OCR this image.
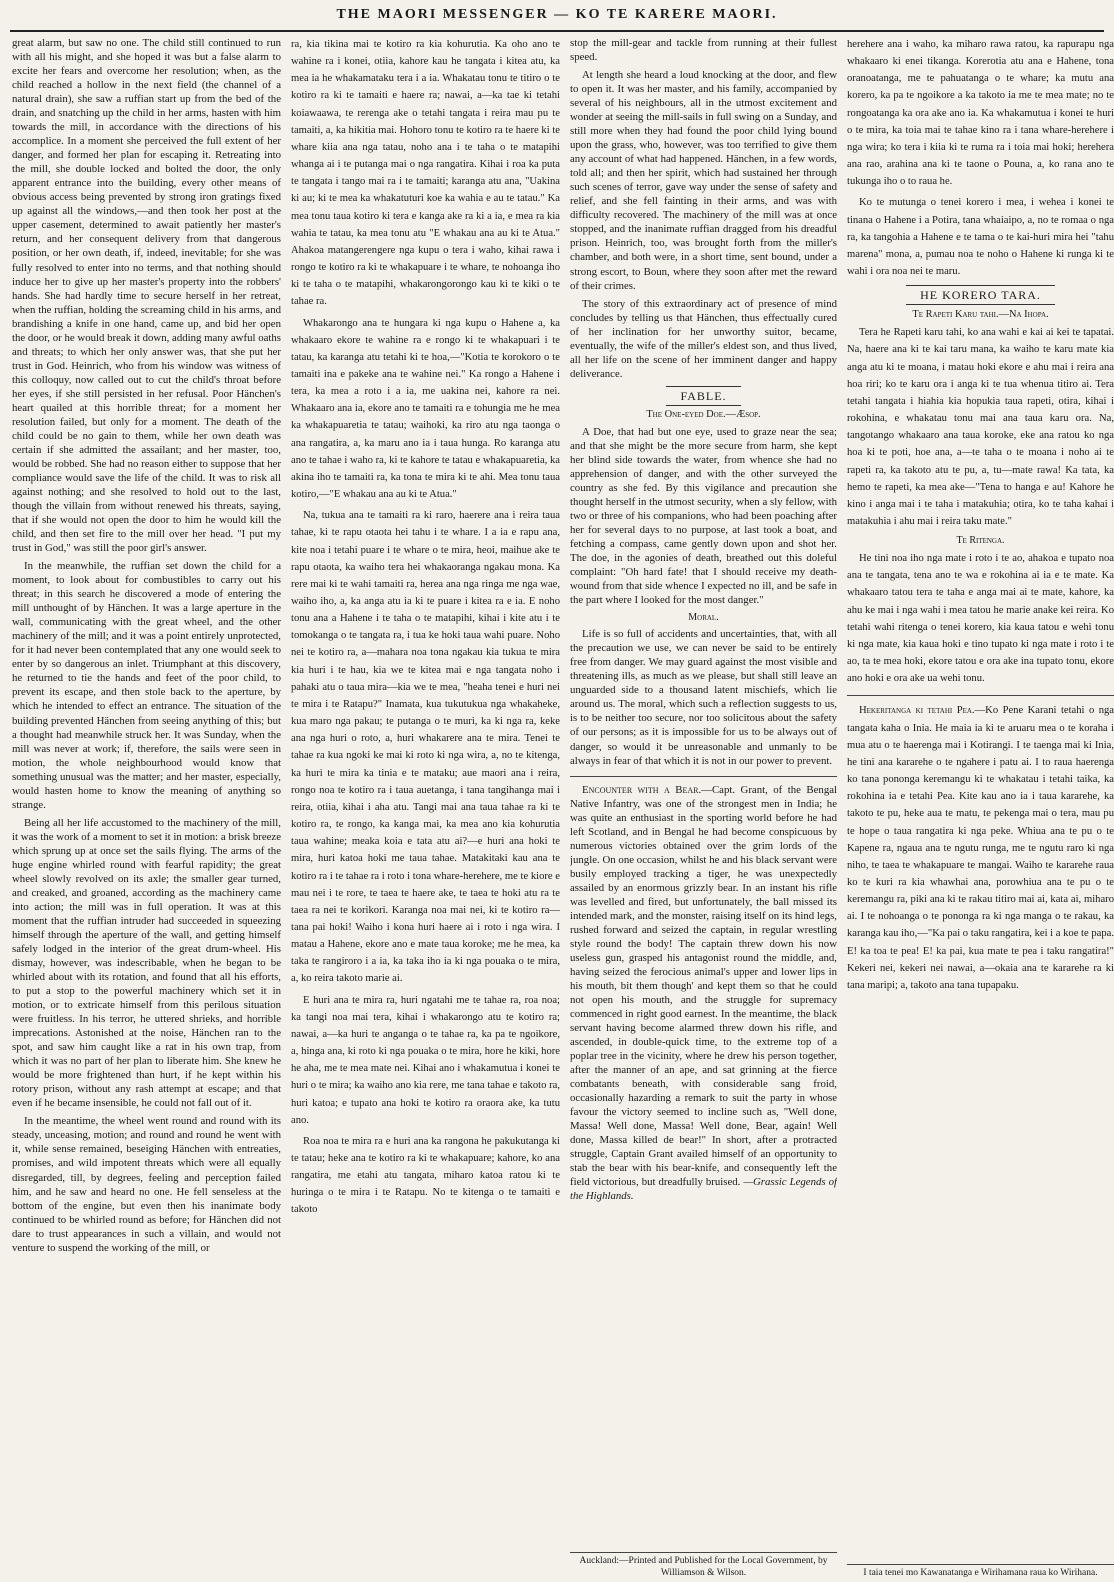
THE MAORI MESSENGER — KO TE KARERE MAORI.

great alarm, but saw no one. The child still continued to run with all his might, and she hoped it was but a false alarm to excite her fears and overcome her resolution; when, as the child reached a hollow in the next field (the channel of a natural drain), she saw a ruffian start up from the bed of the drain, and snatching up the child in her arms, hasten with him towards the mill, in accordance with the directions of his accomplice. In a moment she perceived the full extent of her danger, and formed her plan for escaping it. Retreating into the mill, she double locked and bolted the door, the only apparent entrance into the building, every other means of obvious access being prevented by strong iron gratings fixed up against all the windows,—and then took her post at the upper casement, determined to await patiently her master's return, and her consequent delivery from that dangerous position, or her own death, if, indeed, inevitable; for she was fully resolved to enter into no terms, and that nothing should induce her to give up her master's property into the robbers' hands. She had hardly time to secure herself in her retreat, when the ruffian, holding the screaming child in his arms, and brandishing a knife in one hand, came up, and bid her open the door, or he would break it down, adding many awful oaths and threats; to which her only answer was, that she put her trust in God. Heinrich, who from his window was witness of this colloquy, now called out to cut the child's throat before her eyes, if she still persisted in her refusal. Poor Hänchen's heart quailed at this horrible threat; for a moment her resolution failed, but only for a moment. The death of the child could be no gain to them, while her own death was certain if she admitted the assailant; and her master, too, would be robbed. She had no reason either to suppose that her compliance would save the life of the child. It was to risk all against nothing; and she resolved to hold out to the last, though the villain from without renewed his threats, saying, that if she would not open the door to him he would kill the child, and then set fire to the mill over her head. "I put my trust in God," was still the poor girl's answer.

In the meanwhile, the ruffian set down the child for a moment, to look about for combustibles to carry out his threat; in this search he discovered a mode of entering the mill unthought of by Hänchen. It was a large aperture in the wall, communicating with the great wheel, and the other machinery of the mill; and it was a point entirely unprotected, for it had never been contemplated that any one would seek to enter by so dangerous an inlet. Triumphant at this discovery, he returned to tie the hands and feet of the poor child, to prevent its escape, and then stole back to the aperture, by which he intended to effect an entrance. The situation of the building prevented Hänchen from seeing anything of this; but a thought had meanwhile struck her. It was Sunday, when the mill was never at work; if, therefore, the sails were seen in motion, the whole neighbourhood would know that something unusual was the matter; and her master, especially, would hasten home to know the meaning of anything so strange.

Being all her life accustomed to the machinery of the mill, it was the work of a moment to set it in motion: a brisk breeze which sprung up at once set the sails flying. The arms of the huge engine whirled round with fearful rapidity; the great wheel slowly revolved on its axle; the smaller gear turned, and creaked, and groaned, according as the machinery came into action; the mill was in full operation. It was at this moment that the ruffian intruder had succeeded in squeezing himself through the aperture of the wall, and getting himself safely lodged in the interior of the great drum-wheel. His dismay, however, was indescribable, when he began to be whirled about with its rotation, and found that all his efforts, to put a stop to the powerful machinery which set it in motion, or to extricate himself from this perilous situation were fruitless. In his terror, he uttered shrieks, and horrible imprecations. Astonished at the noise, Hänchen ran to the spot, and saw him caught like a rat in his own trap, from which it was no part of her plan to liberate him. She knew he would be more frightened than hurt, if he kept within his rotory prison, without any rash attempt at escape; and that even if he became insensible, he could not fall out of it.

In the meantime, the wheel went round and round with its steady, unceasing, motion; and round and round he went with it, while sense remained, beseiging Hänchen with entreaties, promises, and wild impotent threats which were all equally disregarded, till, by degrees, feeling and perception failed him, and he saw and heard no one. He fell senseless at the bottom of the engine, but even then his inanimate body continued to be whirled round as before; for Hänchen did not dare to trust appearances in such a villain, and would not venture to suspend the working of the mill, or

ra, kia tikina mai te kotiro ra kia kohurutia. Ka oho ano te wahine ra i konei, otiia, kahore kau he tangata i kitea atu, ka mea ia he whakamataku tera i a ia. Whakatau tonu te titiro o te kotiro ra ki te tamaiti e haere ra; nawai, a—ka tae ki tetahi koiawaawa, te rerenga ake o tetahi tangata i reira mau pu te tamaiti, a, ka hikitia mai. Hohoro tonu te kotiro ra te haere ki te whare kiia ana nga tatau, noho ana i te taha o te matapihi whanga ai i te putanga mai o nga rangatira. Kihai i roa ka puta te tangata i tango mai ra i te tamaiti; karanga atu ana, "Uakina ki au; ki te mea ka whakatuturi koe ka wahia e au te tatau." Ka mea tonu taua kotiro ki tera e kanga ake ra ki a ia, e mea ra kia wahia te tatau, ka mea tonu atu "E whakau ana au ki te Atua." Ahakoa matangerengere nga kupu o tera i waho, kihai rawa i rongo te kotiro ra ki te whakapuare i te whare, te nohoanga iho ki te taha o te matapihi, whakarongorongo kau ki te kiki o te tahae ra.

Whakarongo ana te hungara ki nga kupu o Hahene a, ka whakaaro ekore te wahine ra e rongo ki te whakapuari i te tatau, ka karanga atu tetahi ki te hoa,—"Kotia te korokoro o te tamaiti ina e pakeke ana te wahine nei." Ka rongo a Hahene i tera, ka mea a roto i a ia, me uakina nei, kahore ra nei. Whakaaro ana ia, ekore ano te tamaiti ra e tohungia me he mea ka whakapuaretia te tatau; waihoki, ka riro atu nga taonga o ana rangatira, a, ka maru ano ia i taua hunga. Ro karanga atu ano te tahae i waho ra, ki te kahore te tatau e whakapuaretia, ka akina iho te tamaiti ra, ka tona te mira ki te ahi. Mea tonu taua kotiro,—"E whakau ana au ki te Atua."

Na, tukua ana te tamaiti ra ki raro, haerere ana i reira taua tahae, ki te rapu otaota hei tahu i te whare. I a ia e rapu ana, kite noa i tetahi puare i te whare o te mira, heoi, maihue ake te rapu otaota, ka waiho tera hei whakaoranga ngakau mona. Ka rere mai ki te wahi tamaiti ra, herea ana nga ringa me nga wae, waiho iho, a, ka anga atu ia ki te puare i kitea ra e ia. E noho tonu ana a Hahene i te taha o te matapihi, kihai i kite atu i te tomokanga o te tangata ra, i tua ke hoki taua wahi puare. Noho nei te kotiro ra, a—mahara noa tona ngakau kia tukua te mira kia huri i te hau, kia we te kitea mai e nga tangata noho i pahaki atu o taua mira—kia we te mea, "heaha tenei e huri nei te mira i te Ratapu?" Inamata, kua tukutukua nga whakaheke, kua maro nga pakau; te putanga o te muri, ka ki nga ra, keke ana nga huri o roto, a, huri whakarere ana te mira. Tenei te tahae ra kua ngoki ke mai ki roto ki nga wira, a, no te kitenga, ka huri te mira ka tinia e te mataku; aue maori ana i reira, rongo noa te kotiro ra i taua auetanga, i tana tangihanga mai i reira, otiia, kihai i aha atu. Tangi mai ana taua tahae ra ki te kotiro ra, te rongo, ka kanga mai, ka mea ano kia kohurutia taua wahine; meaka koia e tata atu ai?—e huri ana hoki te mira, huri katoa hoki me taua tahae. Matakitaki kau ana te kotiro ra i te tahae ra i roto i tona whare-herehere, me te kiore e mau nei i te rore, te taea te haere ake, te taea te hoki atu ra te taea ra nei te korikori. Karanga noa mai nei, ki te kotiro ra—tana pai hoki! Waiho i kona huri haere ai i roto i nga wira. I matau a Hahene, ekore ano e mate taua koroke; me he mea, ka taka te rangiroro i a ia, ka taka iho ia ki nga pouaka o te mira, a, ko reira takoto marie ai.

E huri ana te mira ra, huri ngatahi me te tahae ra, roa noa; ka tangi noa mai tera, kihai i whakarongo atu te kotiro ra; nawai, a—ka huri te anganga o te tahae ra, ka pa te ngoikore, a, hinga ana, ki roto ki nga pouaka o te mira, hore he kiki, hore he aha, me te mea mate nei. Kihai ano i whakamutua i konei te huri o te mira; ka waiho ano kia rere, me tana tahae e takoto ra, huri katoa; e tupato ana hoki te kotiro ra oraora ake, ka tutu ano.

Roa noa te mira ra e huri ana ka rangona he pakukutanga ki te tatau; heke ana te kotiro ra ki te whakapuare; kahore, ko ana rangatira, me etahi atu tangata, miharo katoa ratou ki te huringa o te mira i te Ratapu. No te kitenga o te tamaiti e takoto

stop the mill-gear and tackle from running at their fullest speed.

At length she heard a loud knocking at the door, and flew to open it. It was her master, and his family, accompanied by several of his neighbours, all in the utmost excitement and wonder at seeing the mill-sails in full swing on a Sunday, and still more when they had found the poor child lying bound upon the grass, who, however, was too terrified to give them any account of what had happened. Hänchen, in a few words, told all; and then her spirit, which had sustained her through such scenes of terror, gave way under the sense of safety and relief, and she fell fainting in their arms, and was with difficulty recovered. The machinery of the mill was at once stopped, and the inanimate ruffian dragged from his dreadful prison. Heinrich, too, was brought forth from the miller's chamber, and both were, in a short time, sent bound, under a strong escort, to Boun, where they soon after met the reward of their crimes.

The story of this extraordinary act of presence of mind concludes by telling us that Hänchen, thus effectually cured of her inclination for her unworthy suitor, became, eventually, the wife of the miller's eldest son, and thus lived, all her life on the scene of her imminent danger and happy deliverance.

FABLE.
The One-eyed Doe.—Æsop.

A Doe, that had but one eye, used to graze near the sea; and that she might be the more secure from harm, she kept her blind side towards the water, from whence she had no apprehension of danger, and with the other surveyed the country as she fed. By this vigilance and precaution she thought herself in the utmost security, when a sly fellow, with two or three of his companions, who had been poaching after her for several days to no purpose, at last took a boat, and fetching a compass, came gently down upon and shot her. The doe, in the agonies of death, breathed out this doleful complaint: "Oh hard fate! that I should receive my death-wound from that side whence I expected no ill, and be safe in the part where I looked for the most danger."

Moral.

Life is so full of accidents and uncertainties, that, with all the precaution we use, we can never be said to be entirely free from danger. We may guard against the most visible and threatening ills, as much as we please, but shall still leave an unguarded side to a thousand latent mischiefs, which lie around us. The moral, which such a reflection suggests to us, is to be neither too secure, nor too solicitous about the safety of our persons; as it is impossible for us to be always out of danger, so would it be unreasonable and unmanly to be always in fear of that which it is not in our power to prevent.

Encounter with a Bear.—Capt. Grant, of the Bengal Native Infantry, was one of the strongest men in India; he was quite an enthusiast in the sporting world before he had left Scotland, and in Bengal he had become conspicuous by numerous victories obtained over the grim lords of the jungle. On one occasion, whilst he and his black servant were busily employed tracking a tiger, he was unexpectedly assailed by an enormous grizzly bear. In an instant his rifle was levelled and fired, but unfortunately, the ball missed its intended mark, and the monster, raising itself on its hind legs, rushed forward and seized the captain, in regular wrestling style round the body! The captain threw down his now useless gun, grasped his antagonist round the middle, and, having seized the ferocious animal's upper and lower lips in his mouth, bit them though' and kept them so that he could not open his mouth, and the struggle for supremacy commenced in right good earnest. In the meantime, the black servant having become alarmed threw down his rifle, and ascended, in double-quick time, to the extreme top of a poplar tree in the vicinity, where he drew his person together, after the manner of an ape, and sat grinning at the fierce combatants beneath, with considerable sang froid, occasionally hazarding a remark to suit the party in whose favour the victory seemed to incline such as, "Well done, Massa! Well done, Massa! Well done, Bear, again! Well done, Massa killed de bear!" In short, after a protracted struggle, Captain Grant availed himself of an opportunity to stab the bear with his bear-knife, and consequently left the field victorious, but dreadfully bruised. —Grassic Legends of the Highlands.

Auckland:—Printed and Published for the Local Government, by Williamson & Wilson.

herehere ana i waho, ka miharo rawa ratou, ka rapurapu nga whakaaro ki enei tikanga. Korerotia atu ana e Hahene, tona oranoatanga, me te pahuatanga o te whare; ka mutu ana korero, ka pa te ngoikore a ka takoto ia me te mea mate; no te rongoatanga ka ora ake ano ia. Ka whakamutua i konei te huri o te mira, ka toia mai te tahae kino ra i tana whare-herehere i nga wira; ko tera i kiia ki te ruma ra i toia mai hoki; herehera ana rao, arahina ana ki te taone o Pouna, a, ko rana ano te tukunga iho o to raua he.

Ko te mutunga o tenei korero i mea, i wehea i konei te tinana o Hahene i a Potira, tana whaiaipo, a, no te romaa o nga ra, ka tangohia a Hahene e te tama o te kai-huri mira hei "tahu marena" mona, a, pumau noa te noho o Hahene ki runga ki te wahi i ora noa nei te maru.

HE KORERO TARA.
Te Rapeti Karu tahi.—Na Ihopa.

Tera he Rapeti karu tahi, ko ana wahi e kai ai kei te tapatai. Na, haere ana ki te kai taru mana, ka waiho te karu mate kia anga atu ki te moana, i matau hoki ekore e ahu mai i reira ana hoa riri; ko te karu ora i anga ki te tua whenua titiro ai. Tera tetahi tangata i hiahia kia hopukia taua rapeti, otira, kihai i rokohina, e whakatau tonu mai ana taua karu ora. Na, tangotango whakaaro ana taua koroke, eke ana ratou ko nga hoa ki te poti, hoe ana, a—te taha o te moana i noho ai te rapeti ra, ka takoto atu te pu, a, tu—mate rawa! Ka tata, ka hemo te rapeti, ka mea ake—"Tena to hanga e au! Kahore he kino i anga mai i te taha i matakuhia; otira, ko te taha kahai i matakuhia i ahu mai i reira taku mate."

Te Ritenga.

He tini noa iho nga mate i roto i te ao, ahakoa e tupato noa ana te tangata, tena ano te wa e rokohina ai ia e te mate. Ka whakaaro tatou tera te taha e anga mai ai te mate, kahore, ka ahu ke mai i nga wahi i mea tatou he marie anake kei reira. Ko tetahi wahi ritenga o tenei korero, kia kaua tatou e wehi tonu ki nga mate, kia kaua hoki e tino tupato ki nga mate i roto i te ao, ta te mea hoki, ekore tatou e ora ake ina tupato tonu, ekore ano hoki e ora ake ua wehi tonu.

Hekeritanga ki tetahi Pea.—Ko Pene Karani tetahi o nga tangata kaha o Inia. He maia ia ki te aruaru mea o te koraha i mua atu o te haerenga mai i Kotirangi. I te taenga mai ki Inia, he tini ana kararehe o te ngahere i patu ai. I to raua haerenga ko tana pononga keremangu ki te whakatau i tetahi taika, ka rokohina ia e tetahi Pea. Kite kau ano ia i taua kararehe, ka takoto te pu, heke aua te matu, te pekenga mai o tera, mau pu te hope o taua rangatira ki nga peke. Whiua ana te pu o te Kapene ra, ngaua ana te ngutu runga, me te ngutu raro ki nga niho, te taea te whakapuare te mangai. Waiho te kararehe raua ko te kuri ra kia whawhai ana, porowhiua ana te pu o te keremangu ra, piki ana ki te rakau titiro mai ai, kata ai, miharo ai. I te nohoanga o te pononga ra ki nga manga o te rakau, ka karanga kau iho,—"Ka pai o taku rangatira, kei i a koe te papa. E! ka toa te pea! E! ka pai, kua mate te pea i taku rangatira!" Kekeri nei, kekeri nei nawai, a—okaia ana te kararehe ra ki tana maripi; a, takoto ana tana tupapaku.

I taia tenei mo Kawanatanga e Wirihamana raua ko Wirihana.
